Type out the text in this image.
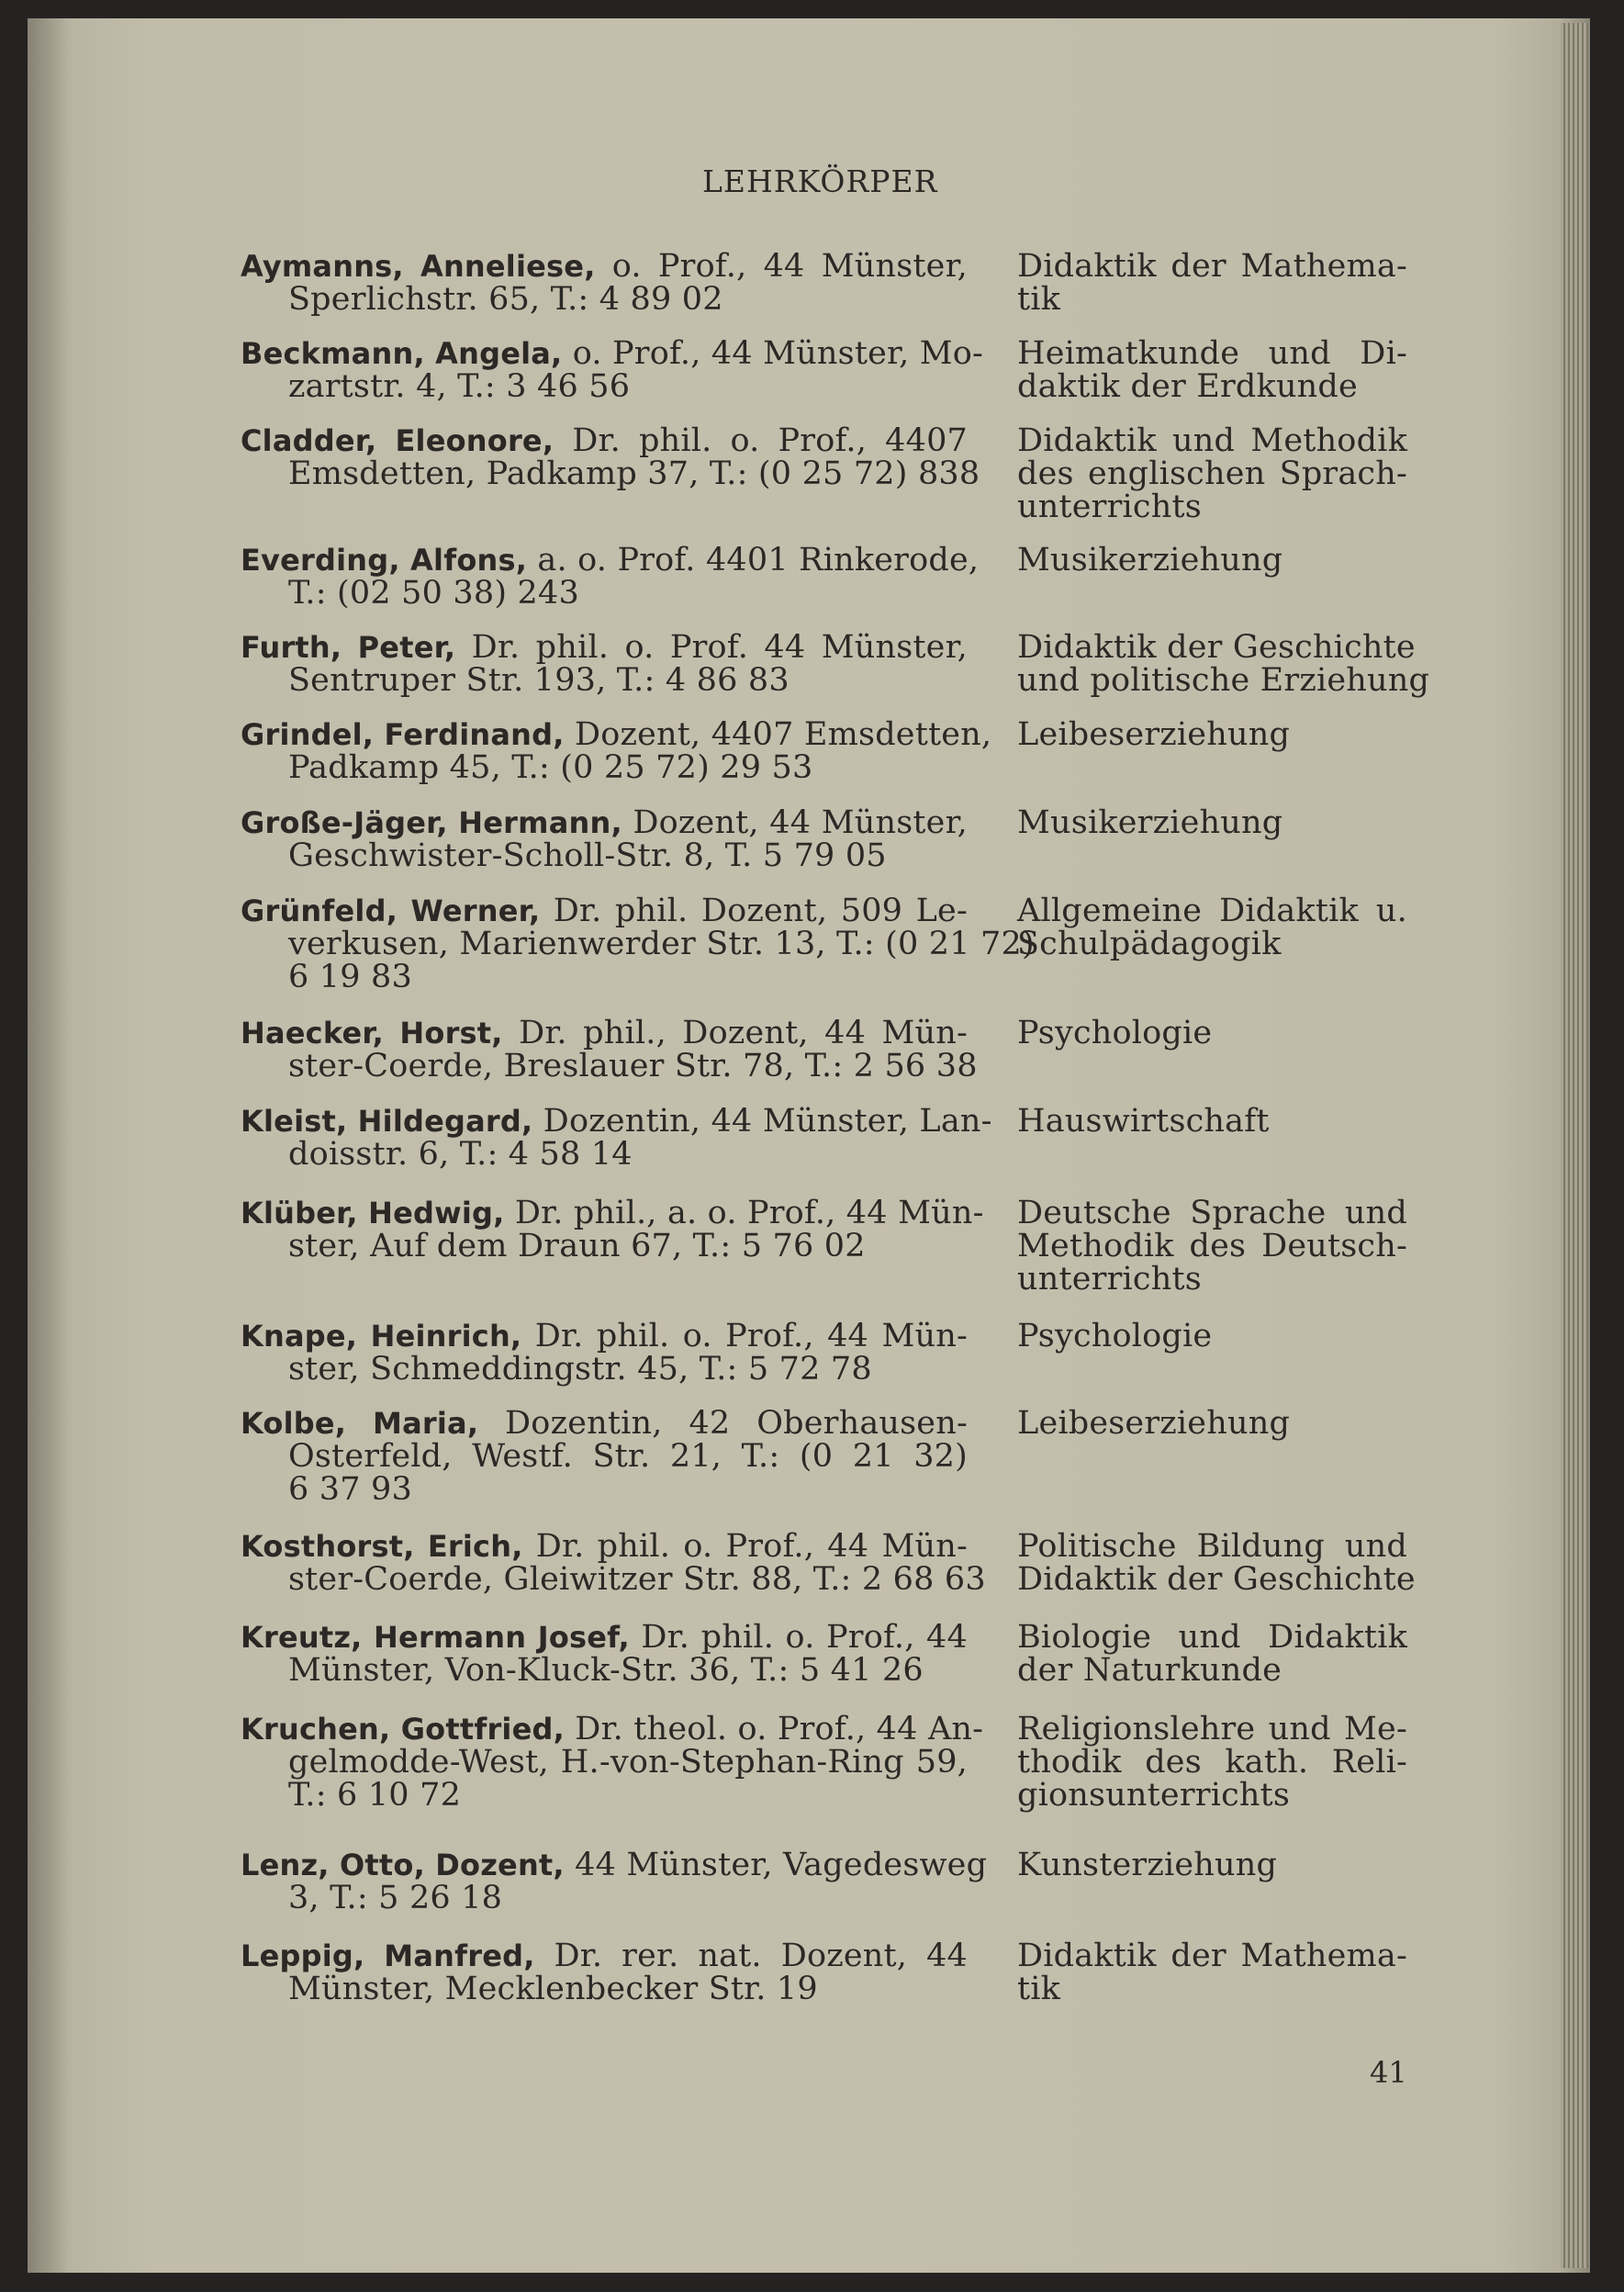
LEHRKÖRPER
Aymanns, Anneliese, o. Prof., 44 Münster,
Sperlichstr. 65, T.: 4 89 02
Didaktik der Mathema-
tik
Beckmann, Angela, o. Prof., 44 Münster, Mo-
zartstr. 4, T.: 3 46 56
Heimatkunde und Di-
daktik der Erdkunde
Cladder, Eleonore, Dr. phil. o. Prof., 4407
Emsdetten, Padkamp 37, T.: (0 25 72) 838
Didaktik und Methodik
des englischen Sprach-
unterrichts
Everding, Alfons, a. o. Prof. 4401 Rinkerode,
T.: (02 50 38) 243
Musikerziehung
Furth, Peter, Dr. phil. o. Prof. 44 Münster,
Sentruper Str. 193, T.: 4 86 83
Didaktik der Geschichte
und politische Erziehung
Grindel, Ferdinand, Dozent, 4407 Emsdetten,
Padkamp 45, T.: (0 25 72) 29 53
Leibeserziehung
Große-Jäger, Hermann, Dozent, 44 Münster,
Geschwister-Scholl-Str. 8, T. 5 79 05
Musikerziehung
Grünfeld, Werner, Dr. phil. Dozent, 509 Le-
verkusen, Marienwerder Str. 13, T.: (0 21 72)
6 19 83
Allgemeine Didaktik u.
Schulpädagogik
Haecker, Horst, Dr. phil., Dozent, 44 Mün-
ster-Coerde, Breslauer Str. 78, T.: 2 56 38
Psychologie
Kleist, Hildegard, Dozentin, 44 Münster, Lan-
doisstr. 6, T.: 4 58 14
Hauswirtschaft
Klüber, Hedwig, Dr. phil., a. o. Prof., 44 Mün-
ster, Auf dem Draun 67, T.: 5 76 02
Deutsche Sprache und
Methodik des Deutsch-
unterrichts
Knape, Heinrich, Dr. phil. o. Prof., 44 Mün-
ster, Schmeddingstr. 45, T.: 5 72 78
Psychologie
Kolbe, Maria, Dozentin, 42 Oberhausen-
Osterfeld, Westf. Str. 21, T.: (0 21 32)
6 37 93
Leibeserziehung
Kosthorst, Erich, Dr. phil. o. Prof., 44 Mün-
ster-Coerde, Gleiwitzer Str. 88, T.: 2 68 63
Politische Bildung und
Didaktik der Geschichte
Kreutz, Hermann Josef, Dr. phil. o. Prof., 44
Münster, Von-Kluck-Str. 36, T.: 5 41 26
Biologie und Didaktik
der Naturkunde
Kruchen, Gottfried, Dr. theol. o. Prof., 44 An-
gelmodde-West, H.-von-Stephan-Ring 59,
T.: 6 10 72
Religionslehre und Me-
thodik des kath. Reli-
gionsunterrichts
Lenz, Otto, Dozent, 44 Münster, Vagedesweg
3, T.: 5 26 18
Kunsterziehung
Leppig, Manfred, Dr. rer. nat. Dozent, 44
Münster, Mecklenbecker Str. 19
Didaktik der Mathema-
tik
41
